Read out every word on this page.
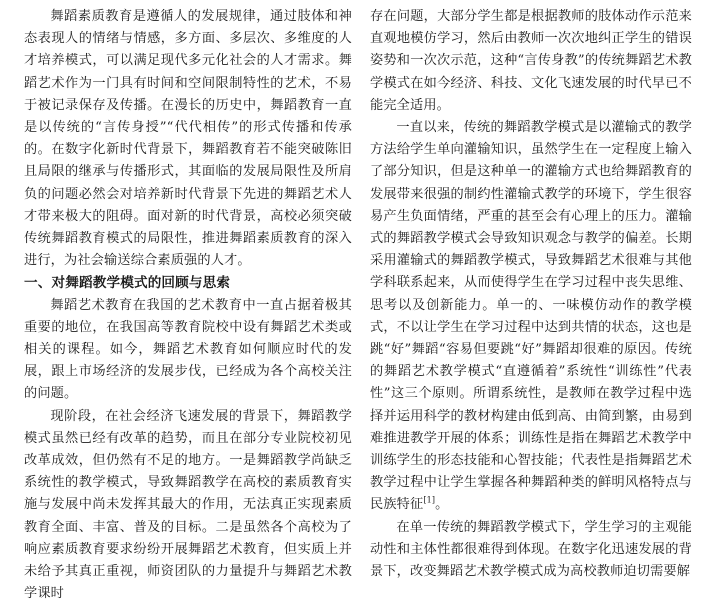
舞蹈素质教育是遵循人的发展规律，通过肢体和神态表现人的情绪与情感，多方面、多层次、多维度的人才培养模式，可以满足现代多元化社会的人才需求。舞蹈艺术作为一门具有时间和空间限制特性的艺术，不易于被记录保存及传播。在漫长的历史中，舞蹈教育一直是以传统的“言传身授”“代代相传”的形式传播和传承的。在数字化新时代背景下，舞蹈教育若不能突破陈旧且局限的继承与传播形式，其面临的发展局限性及所肩负的问题必然会对培养新时代背景下先进的舞蹈艺术人才带来极大的阻碍。面对新的时代背景，高校必须突破传统舞蹈教育模式的局限性，推进舞蹈素质教育的深入进行，为社会输送综合素质强的人才。

一、对舞蹈教学模式的回顾与思索

舞蹈艺术教育在我国的艺术教育中一直占据着极其重要的地位，在我国高等教育院校中设有舞蹈艺术类或相关的课程。如今，舞蹈艺术教育如何顺应时代的发展，跟上市场经济的发展步伐，已经成为各个高校关注的问题。

现阶段，在社会经济飞速发展的背景下，舞蹈教学模式虽然已经有改革的趋势，而且在部分专业院校初见改革成效，但仍然有不足的地方。一是舞蹈教学尚缺乏系统性的教学模式，导致舞蹈教学在高校的素质教育实施与发展中尚未发挥其最大的作用，无法真正实现素质教育全面、丰富、普及的目标。二是虽然各个高校为了响应素质教育要求纷纷开展舞蹈艺术教育，但实质上并未给予其真正重视，师资团队的力量提升与舞蹈艺术教学课时

存在问题，大部分学生都是根据教师的肢体动作示范来直观地模仿学习，然后由教师一次次地纠正学生的错误姿势和一次次示范，这种“言传身教”的传统舞蹈艺术教学模式在如今经济、科技、文化飞速发展的时代早已不能完全适用。

一直以来，传统的舞蹈教学模式是以灌输式的教学方法给学生单向灌输知识，虽然学生在一定程度上输入了部分知识，但是这种单一的灌输方式也给舞蹈教育的发展带来很强的制约性灌输式教学的环境下，学生很容易产生负面情绪，严重的甚至会有心理上的压力。灌输式的舞蹈教学模式会导致知识观念与教学的偏差。长期采用灌输式的舞蹈教学模式，导致舞蹈艺术很难与其他学科联系起来，从而使得学生在学习过程中丧失思维、思考以及创新能力。单一的、一味模仿动作的教学模式，不以让学生在学习过程中达到共情的状态，这也是跳“好”舞蹈“容易但要跳“好”舞蹈却很难的原因。传统的舞蹈艺术教学模式“直遵循着”系统性“训练性”代表性”这三个原则。所谓系统性，是教师在教学过程中选择并运用科学的教材构建由低到高、由简到繁，由易到难推进教学开展的体系；训练性是指在舞蹈艺术教学中训练学生的形态技能和心智技能；代表性是指舞蹈艺术教学过程中让学生掌握各种舞蹈种类的鲜明风格特点与民族特征[1]。

在单一传统的舞蹈教学模式下，学生学习的主观能动性和主体性都很难得到体现。在数字化迅速发展的背景下，改变舞蹈艺术教学模式成为高校教师迫切需要解
